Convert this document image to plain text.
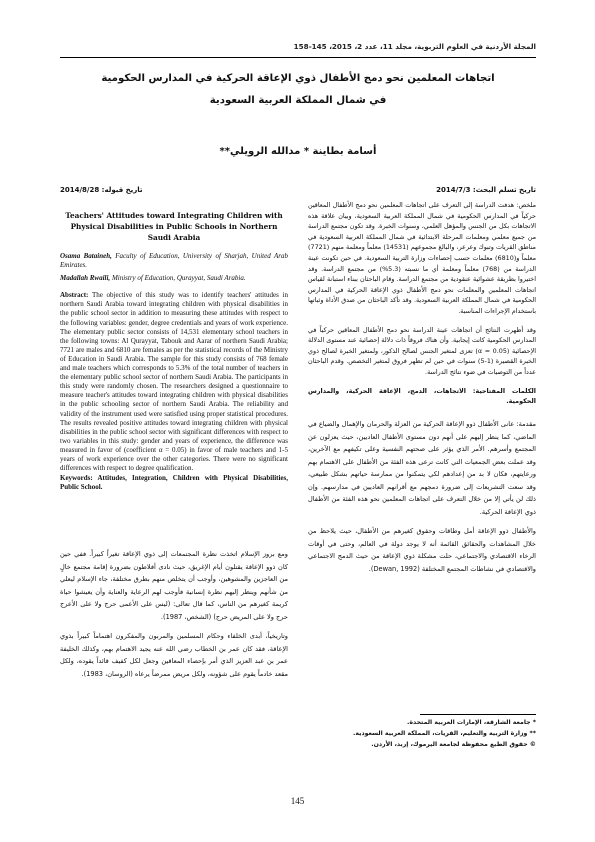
المجلة الأردنية في العلوم التربوية، مجلد 11، عدد 2، 2015، 145-158
اتجاهات المعلمين نحو دمج الأطفال ذوي الإعاقة الحركية في المدارس الحكومية
في شمال المملكة العربية السعودية
أسامة بطاينة * مدالله الرويلي**
تاريخ تسلم البحث: 2014/7/3
تاريخ قبوله: 2014/8/28

ملخص: هدفت الدراسة إلى التعرف على اتجاهات المعلمين نحو دمج الأطفال المعاقين حركياً في المدارس الحكومية في شمال المملكة العربية السعودية، وبيان علاقة هذه الاتجاهات بكل من الجنس والمؤهل العلمي، وسنوات الخبرة. وقد تكون مجتمع الدراسة من جميع معلمي ومعلمات المرحلة الابتدائية في شمال المملكة العربية السعودية في مناطق القريات وتبوك وعرعر، والبالغ مجموعهم (14531) معلماً ومعلمة منهم (7721) معلماً و(6810) معلمات حسب إحصاءات وزارة التربية السعودية. في حين تكونت عينة الدراسة من (768) معلماً ومعلمة أي ما نسبته (5.3%) من مجتمع الدراسة. وقد اختيروا بطريقة عشوائية عنقودية من مجتمع الدراسة. وقام الباحثان ببناء استبانة لقياس اتجاهات المعلمين والمعلمات نحو دمج الأطفال ذوي الإعاقة الحركية في المدارس الحكومية في شمال المملكة العربية السعودية. وقد تأكد الباحثان من صدق الأداة وثباتها باستخدام الإجراءات المناسبة.

وقد أظهرت النتائج أن اتجاهات عينة الدراسة نحو دمج الأطفال المعاقين حركياً في المدارس الحكومية كانت إيجابية. وأن هناك فروقاً ذات دلالة إحصائية عند مستوى الدلالة الإحصائية (α = 0.05) تعزى لمتغير الجنس لصالح الذكور، ولمتغير الخبرة لصالح ذوي الخبرة القصيرة (1-5) سنوات في حين لم تظهر فروق لمتغير التخصص. وقدم الباحثان عدداً من التوصيات في ضوء نتائج الدراسة.

الكلمات المفتاحية: الاتجاهات، الدمج، الإعاقة الحركية، والمدارس الحكومية.

Teachers' Attitudes toward Integrating Children with Physical Disabilities in Public Schools in Northern Saudi Arabia
Osama Bataineh, Faculty of Education, University of Sharjah, United Arab Emirates.
Madallah Rwaili, Ministry of Education, Qurayyat, Saudi Arabia.
Abstract: The objective of this study was to identify teachers' attitudes in northern Saudi Arabia toward integrating children with physical disabilities in the public school sector in addition to measuring these attitudes with respect to the following variables: gender, degree credentials and years of work experience. The elementary public sector consists of 14,531 elementary school teachers in the following towns: Al Qurayyat, Tabouk and Aarar of northern Saudi Arabia; 7721 are males and 6810 are females as per the statistical records of the Ministry of Education in Saudi Arabia. The sample for this study consists of 768 female and male teachers which corresponds to 5.3% of the total number of teachers in the elementary public school sector of northern Saudi Arabia. The participants in this study were randomly chosen. The researchers designed a questionnaire to measure teacher's attitudes toward integrating children with physical disabilities in the public schooling sector of northern Saudi Arabia. The reliability and validity of the instrument used were satisfied using proper statistical procedures. The results revealed positive attitudes toward integrating children with physical disabilities in the public school sector with significant differences with respect to two variables in this study: gender and years of experience, the difference was measured in favor of (coefficient α = 0.05) in favor of male teachers and 1-5 years of work experience over the other categories. There were no significant differences with respect to degree qualification.
Keywords: Attitudes, Integration, Children with Physical Disabilities, Public School.

مقدمة: عانى الأطفال ذوو الإعاقة الحركية من العزلة والحرمان والإهمال والضياع في الماضي، كما ينظر إليهم على أنهم دون مستوى الأطفال العاديين، حيث يعزلون عن المجتمع وأسرهم. الأمر الذي يؤثر على صحتهم النفسية وعلى تكيفهم مع الآخرين، وقد عملت بعض الجمعيات التي كانت ترعى هذه الفئة من الأطفال على الاهتمام بهم ورعايتهم، فكان لا بد من إعدادهم لكي يتمكنوا من ممارسة حياتهم بشكل طبيعي، وقد سعت التشريعات إلى ضرورة دمجهم مع أقرانهم العاديين في مدارسهم. وإن ذلك لن يأتي إلا من خلال التعرف على اتجاهات المعلمين نحو هذه الفئة من الأطفال ذوي الإعاقة الحركية.

والأطفال ذوو الإعاقة أمل وطاقات وحقوق كغيرهم من الأطفال، حيث يلاحظ من خلال المشاهدات والحقائق القائمة أنه لا يوجد دولة في العالم، وحتى في أوقات الرخاء الاقتصادي والاجتماعي، حلت مشكلة ذوي الإعاقة من حيث الدمج الاجتماعي والاقتصادي في نشاطات المجتمع المختلفة (Dewan, 1992).

ومع بروز الإسلام اتخذت نظرة المجتمعات إلى ذوي الإعاقة تغيراً كبيراً. ففي حين كان ذوو الإعاقة يقتلون أيام الإغريق، حيث نادى أفلاطون بضرورة إقامة مجتمع خالٍ من العاجزين والمشوهين، وأوجب أن يتخلص منهم بطرق مختلفة، جاء الإسلام ليعلي من شأنهم وينظر إليهم نظرة إنسانية فأوجب لهم الرعاية والعناية وأن يعيشوا حياة كريمة كغيرهم من الناس، كما قال تعالى: (ليس على الأعمى حرج ولا على الأعرج حرج ولا على المريض حرج) (الشخص، 1987).

وتاريخياً، أبدى الخلفاء وحكام المسلمين والمربون والمفكرون اهتماماً كبيراً بذوي الإعاقة، فقد كان عمر بن الخطاب رضي الله عنه يجيد الاهتمام بهم، وكذلك الخليفة عمر بن عبد العزيز الذي أمر بإحصاء المعاقين وجعل لكل كفيف قائداً يقوده، ولكل مقعد خادماً يقوم على شؤونه، ولكل مريض ممرضاً يرعاه (الروسان، 1983).

* جامعة الشارقة، الإمارات العربية المتحدة.
** وزارة التربية والتعليم، القريات، المملكة العربية السعودية.
© حقوق الطبع محفوظة لجامعة اليرموك، إربد، الأردن.
145
